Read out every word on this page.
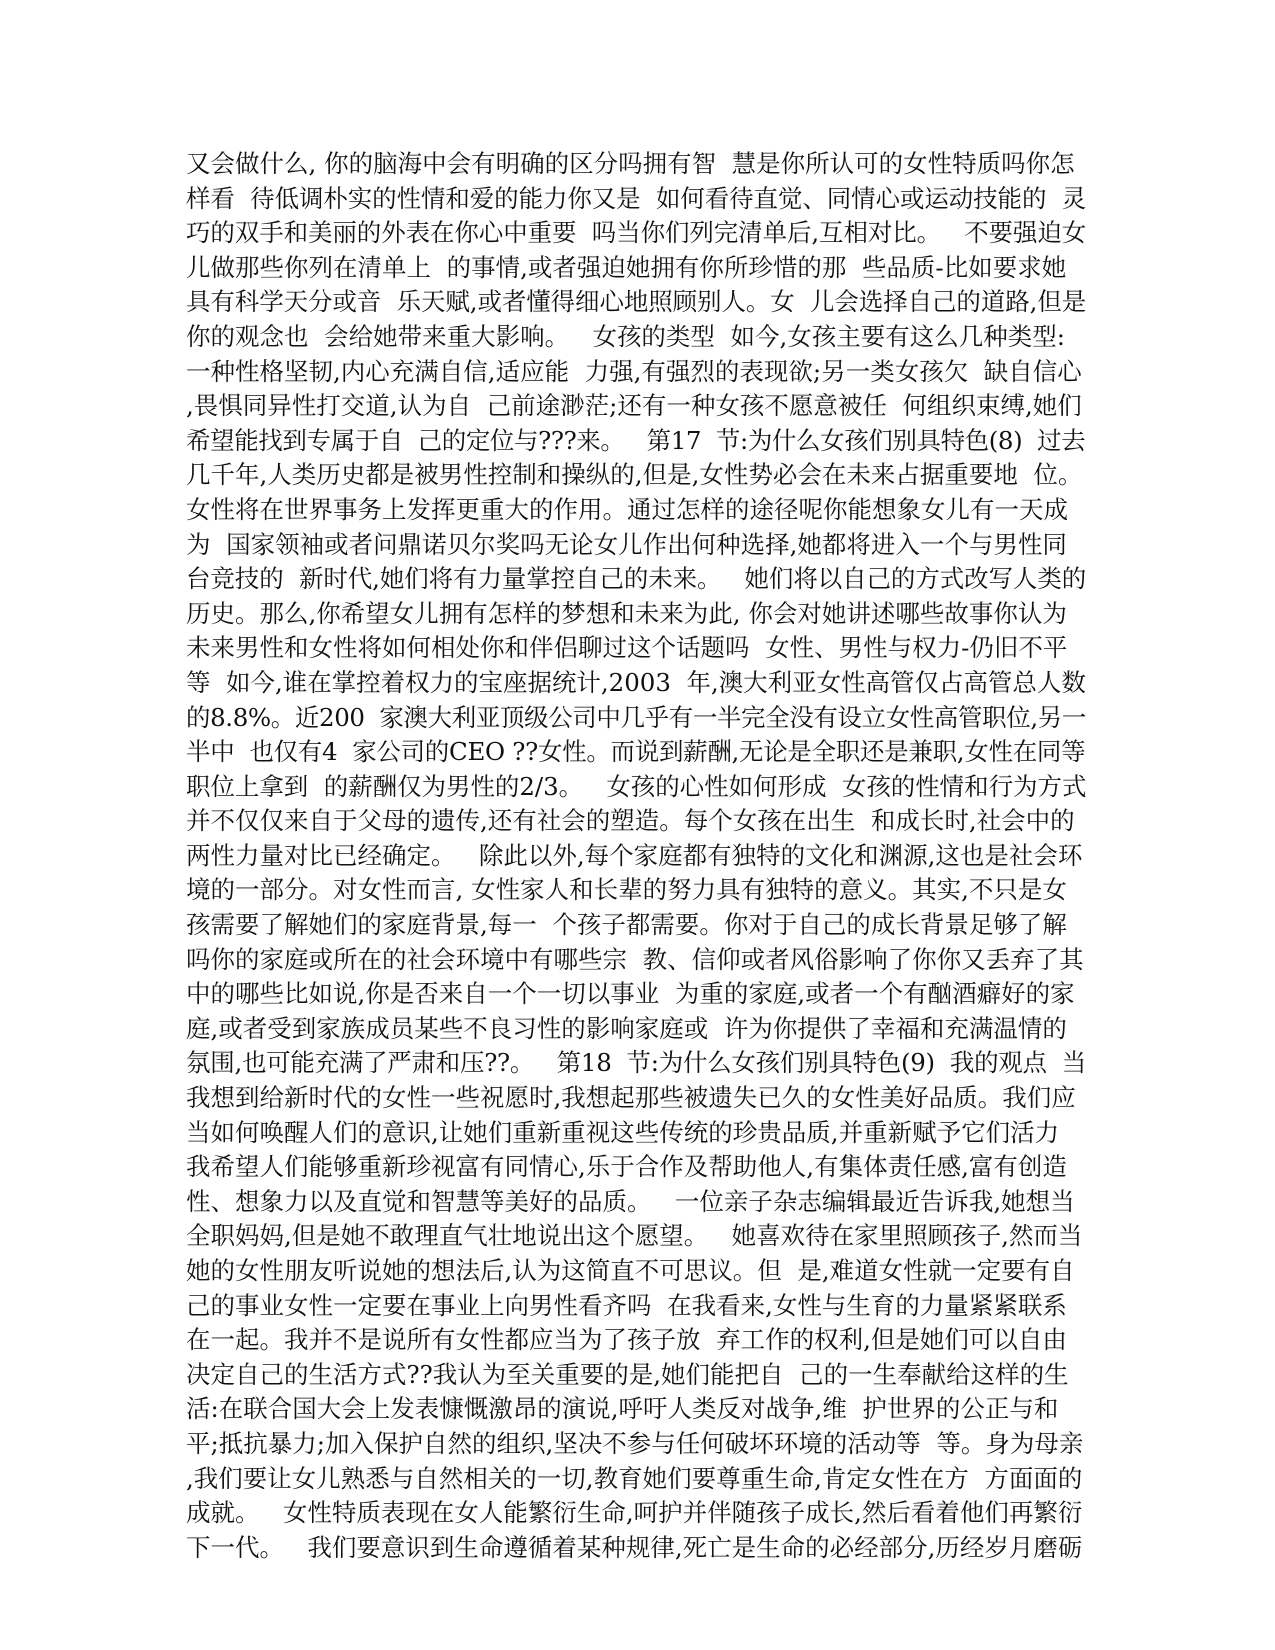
又会做什么, 你的脑海中会有明确的区分吗拥有智  慧是你所认可的女性特质吗你怎
样看  待低调朴实的性情和爱的能力你又是  如何看待直觉、同情心或运动技能的  灵
巧的双手和美丽的外表在你心中重要  吗当你们列完清单后,互相对比。   不要强迫女
儿做那些你列在清单上  的事情,或者强迫她拥有你所珍惜的那  些品质-比如要求她
具有科学天分或音  乐天赋,或者懂得细心地照顾别人。女  儿会选择自己的道路,但是
你的观念也  会给她带来重大影响。   女孩的类型  如今,女孩主要有这么几种类型:
一种性格坚韧,内心充满自信,适应能  力强,有强烈的表现欲;另一类女孩欠  缺自信心
,畏惧同异性打交道,认为自  己前途渺茫;还有一种女孩不愿意被任  何组织束缚,她们
希望能找到专属于自  己的定位与???来。   第17  节:为什么女孩们别具特色(8)  过去
几千年,人类历史都是被男性控制和操纵的,但是,女性势必会在未来占据重要地  位。
女性将在世界事务上发挥更重大的作用。通过怎样的途径呢你能想象女儿有一天成
为  国家领袖或者问鼎诺贝尔奖吗无论女儿作出何种选择,她都将进入一个与男性同
台竞技的  新时代,她们将有力量掌控自己的未来。   她们将以自己的方式改写人类的
历史。那么,你希望女儿拥有怎样的梦想和未来为此, 你会对她讲述哪些故事你认为
未来男性和女性将如何相处你和伴侣聊过这个话题吗  女性、男性与权力-仍旧不平
等  如今,谁在掌控着权力的宝座据统计,2003  年,澳大利亚女性高管仅占高管总人数
的8.8%。近200  家澳大利亚顶级公司中几乎有一半完全没有设立女性高管职位,另一
半中  也仅有4  家公司的CEO ??女性。而说到薪酬,无论是全职还是兼职,女性在同等
职位上拿到  的薪酬仅为男性的2/3。   女孩的心性如何形成  女孩的性情和行为方式
并不仅仅来自于父母的遗传,还有社会的塑造。每个女孩在出生  和成长时,社会中的
两性力量对比已经确定。   除此以外,每个家庭都有独特的文化和渊源,这也是社会环
境的一部分。对女性而言, 女性家人和长辈的努力具有独特的意义。其实,不只是女
孩需要了解她们的家庭背景,每一  个孩子都需要。你对于自己的成长背景足够了解
吗你的家庭或所在的社会环境中有哪些宗  教、信仰或者风俗影响了你你又丢弃了其
中的哪些比如说,你是否来自一个一切以事业  为重的家庭,或者一个有酗酒癖好的家
庭,或者受到家族成员某些不良习性的影响家庭或  许为你提供了幸福和充满温情的
氛围,也可能充满了严肃和压??。   第18  节:为什么女孩们别具特色(9)  我的观点  当
我想到给新时代的女性一些祝愿时,我想起那些被遗失已久的女性美好品质。我们应
当如何唤醒人们的意识,让她们重新重视这些传统的珍贵品质,并重新赋予它们活力
我希望人们能够重新珍视富有同情心,乐于合作及帮助他人,有集体责任感,富有创造
性、想象力以及直觉和智慧等美好的品质。   一位亲子杂志编辑最近告诉我,她想当
全职妈妈,但是她不敢理直气壮地说出这个愿望。   她喜欢待在家里照顾孩子,然而当
她的女性朋友听说她的想法后,认为这简直不可思议。但  是,难道女性就一定要有自
己的事业女性一定要在事业上向男性看齐吗  在我看来,女性与生育的力量紧紧联系
在一起。我并不是说所有女性都应当为了孩子放  弃工作的权利,但是她们可以自由
决定自己的生活方式??我认为至关重要的是,她们能把自  己的一生奉献给这样的生
活:在联合国大会上发表慷慨激昂的演说,呼吁人类反对战争,维  护世界的公正与和
平;抵抗暴力;加入保护自然的组织,坚决不参与任何破坏环境的活动等  等。身为母亲
,我们要让女儿熟悉与自然相关的一切,教育她们要尊重生命,肯定女性在方  方面面的
成就。   女性特质表现在女人能繁衍生命,呵护并伴随孩子成长,然后看着他们再繁衍
下一代。   我们要意识到生命遵循着某种规律,死亡是生命的必经部分,历经岁月磨砺
